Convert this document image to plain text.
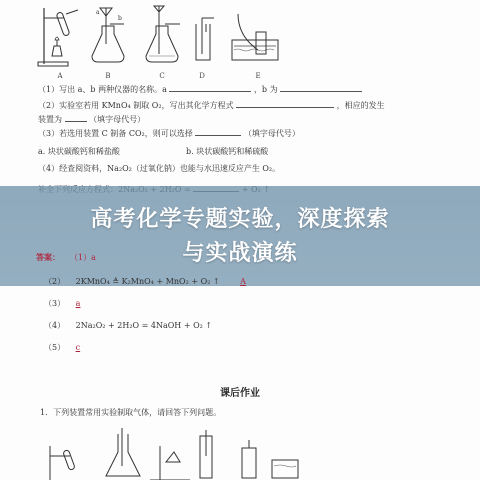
A
a
b
B	C	D	E
（1）写出 a、b 两种仪器的名称。a	，b 为
（2）实验室若用 KMnO₄ 制取 O₂，写出其化学方程式	，相应的发生
装置为	（填字母代号）
（3）若选用装置 C 制备 CO₂，则可以选择	（填字母代号）
a. 块状碳酸钙和稀盐酸	b. 块状碳酸钙和稀硫酸
（4）经查阅资料，Na₂O₂（过氧化钠）也能与水迅速反应产生 O₂。
高考化学专题实验，深度探索
与实战演练
答案： （1）a
（2） 2KMnO₄ ≜ K₂MnO₄ + MnO₂ + O₂ ↑	A
（3） a
（4） 2Na₂O₂ + 2H₂O = 4NaOH + O₂ ↑
（5） c
课后作业
1．下列装置常用实验制取气体，请回答下列问题。
